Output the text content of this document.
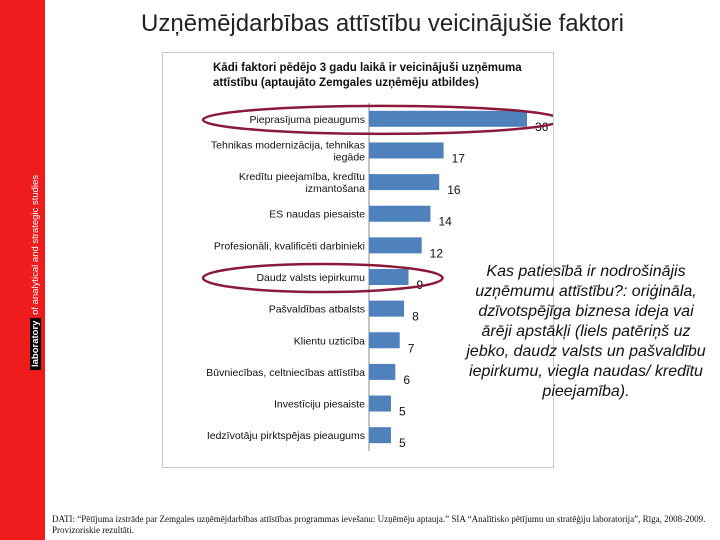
laboratory of analytical and strategic studies
Uzņēmējdarbības attīstību veicinājušie faktori
Kādi faktori pēdējo 3 gadu laikā ir veicinājuši uzņēmuma
attīstību (aptaujāto Zemgales uzņēmēju atbildes)
36
Pieprasījuma pieaugums
17
Tehnikas modernizācija, tehnikas
iegāde
16
Kredītu pieejamība, kredītu
izmantošana
14
ES naudas piesaiste
12
Profesionāli, kvalificēti darbinieki
9
Daudz valsts iepirkumu
8
Pašvaldības atbalsts
7
Klientu uzticība
6
Būvniecības, celtniecības attīstība
5
Investīciju piesaiste
5
Iedzīvotāju pirktspējas pieaugums
Kas patiesībā ir nodrošinājis uzņēmumu attīstību?: oriģināla, dzīvotspējīga biznesa ideja vai ārēji apstākļi (liels patēriņš uz jebko, daudz valsts un pašvaldību iepirkumu, viegla naudas/ kredītu pieejamība).
DATI: “Pētījuma izstrāde par Zemgales uzņēmējdarbības attīstības programmas ievešanu: Uzņēmēju aptauja.” SIA “Analītisko pētījumu un stratēģiju laboratorija”, Rīga, 2008-2009. Provizoriskie rezultāti.
